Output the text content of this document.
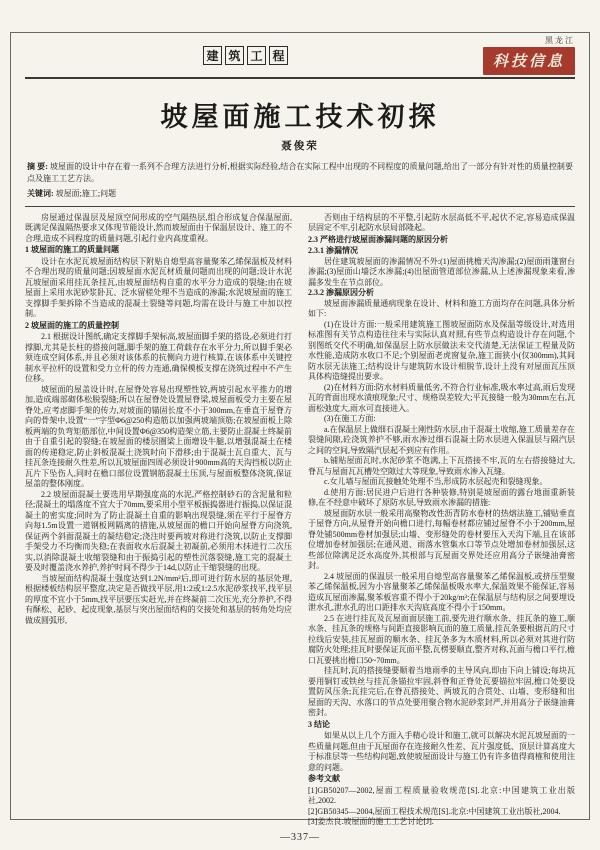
建 筑 工 程
黑龙江
科技信息
坡屋面施工技术初探
聂俊荣
摘 要: 坡屋面的设计中存在着一系列不合理方法进行分析,根据实际经验,结合在实际工程中出现的不同程度的质量问题,给出了一部分有针对性的质量控制要点及施工工艺方法。
关键词: 坡屋面;施工;问题

房屋通过保温层及屋顶空间形成的空气隔热层,组合形成复合保温屋面,既满足保温隔热要求又体现节能设计,然而坡屋面由于保温层设计、施工的不合理,造成不同程度的质量问题,引起行业内高度重视。

1 坡屋面的施工的质量问题

设计在水泥瓦坡屋面结构层下附贴自熄型高容量聚苯乙烯保温板及材料不合理出现的质量问题;因坡屋面水泥瓦材质量问题而出现的问题;设计水泥瓦坡屋面采用挂瓦条挂瓦,由坡屋面结构自重的水平分力造成的裂缝;由在坡屋面上采用水泥砂浆卧瓦、泛水留槎处理不当造成的渗漏;水泥坡屋面的施工支撑脚手架拆除不当造成的混凝土裂缝等问题,均需在设计与施工中加以控制。

2 坡屋面的施工的质量控制

2.1 根据设计图纸,确定支撑脚手架标高,坡屋面脚手架的搭设,必须进行打撑脚,尤其是长柱的搭接问题,脚手架的施工荷载存在水平分力,所以脚手架必须连成空间体系,并且必须对该体系的抗侧向力进行核算,在该体系中关键控制水平拉杆的设置和受力立杆的传力连通,确保模板支撑在浇筑过程中不产生位移。

坡屋面的屋盖设计时,在屋脊处容易出现塑性铰,两坡引起水平推力的增加,造成端部砌体松脱裂缝;所以在屋脊处设置屋脊梁,坡屋面板受力主要在屋脊处,应考虑脚手架的传力,对坡面的锚固长度不小于300mm,在垂直于屋脊方向的骨架中,设置“一”字型Φ6@250构造筋以加强两坡端顶筋;在坡屋面板上除板两端的负弯矩筋部位,中间设置Φ6@350构造架立筋,主要防止混凝土终凝前由于自重引起的裂缝;在坡屋面的楼层圈梁上面增设牛腿,以增强混凝土在楼面的传递稳定,防止斜板混凝土浇筑时向下滑移;由于混凝土瓦自重大、瓦与挂瓦条连接耐久性差,所以瓦坡屋面四周必须设计900mm高的天沟挡板以防止瓦片下坠伤人,同时在檐口部位设置钢筋混凝土压顶,与屋面板整体浇筑,保证屋盖的整体刚度。

2.2 坡屋面混凝土要选用早期强度高的水泥,严格控制砂石的含泥量和粒径;混凝土的塌落度不宜大于70mm,要采用小型平板振捣器进行振捣,以保证混凝土的密实度;同时为了防止混凝土自重的影响出现裂缝,须在平行于屋脊方向每1.5m设置一道钢板网隔离的措施,从坡屋面的檐口开始向屋脊方向浇筑,保证两个斜面混凝土的凝结稳定;浇注时要两坡对称进行浇筑,以防止支撑脚手架受力不均衡而失稳;在表面收水后混凝土初凝前,必须用木抹进行二次压实,以消除混凝土收缩裂缝和由于振捣引起的塑性沉落裂缝,施工完的混凝土要及时覆盖浇水养护,养护时间不得少于14d,以防止干缩裂缝的出现。

当坡屋面结构混凝土强度达到1.2N/mm²后,即可进行防水层的基层处理,根据楼板结构层平整度,决定是否做找平层,用1:2或1:2.5水泥砂浆找平,找平层的厚度不宜小于5mm,找平层要压实赶光,并在终凝前二次压光,充分养护,不得有酥松、起砂、起皮现象,基层与突出屋面结构的交接处和基层的转角处均应做成圆弧形,

否则由于结构层的不平整,引起防水层高低不平,起伏不定,容易造成保温层固定不牢,引起防水层局部隆起。

2.3 严格进行坡屋面渗漏问题的原因分析

2.3.1 渗漏情况

居住建筑坡屋面的渗漏情况不外:(1)屋面挑檐天沟渗漏;(2)屋面雨篷窗台渗漏;(3)屋面山墙泛水渗漏;(4)出屋面管道部位渗漏,从上述渗漏现象来看,渗漏多发生在节点部位。

2.3.2 渗漏原因分析

坡屋面渗漏质量通病现象在设计、材料和施工方面均存在问题,具体分析如下:

(1)在设计方面:一般采用建筑施工图坡屋面防水及保温等级设计,对选用标准图有关节点构造往往未与实际认真对照,有些节点构造设计存在问题,个别图纸交代不明确,如保温层上防水层做法未交代清楚,无法保证工程量及防水性能,造成防水收口不足;个别屋面老虎窗复杂,施工面狭小(仅300mm),其间防水层无法施工;结构设计与建筑防水设计相脱节,设计上没有对屋面瓦压顶具体构造缝提出要求。

(2)在材料方面:防水材料质量低劣,不符合行业标准,吸水率过高,雨后发现瓦的背面出现水渍痕现象;尺寸、规格误差较大;平瓦接缝一般为30mm左右,瓦面松弛度大,雨水可直接进入。

(3)在施工方面:

a.在保温层上做细石混凝土刚性防水层,由于混凝土收缩,施工质量差存在裂缝间隙,砼浇筑养护不够,雨水渗过细石混凝土防水层进入保温层与隔汽层之间的空间,导致隔汽层起不到应有作用。

b.铺贴屋面瓦时,水泥砂浆不饱满,上下瓦搭接不牢,瓦的左右搭接缝过大,脊瓦与屋面瓦瓦槽处空隙过大等现象,导致雨水渗入瓦缝。

c.女儿墙与屋面瓦接触处处理不当,形成防水层起壳和裂缝现象。

d.使用方面:居民进户后进行各种装修,特别是坡屋面的露台地面重新装修,在不经意中破坏了原防水层,导致雨水渗漏的措施:

坡屋面防水层一般采用高聚物改性沥青防水卷材的热熔法施工,铺贴垂直于屋脊方向,从屋脊开始向檐口进行,每幅卷材都应铺过屋脊不小于200mm,屋脊处铺500mm卷材加强层;山墙、变形缝处的卷材要压入天沟下端,且在该部位增加卷材加强层;在通风道、雨落水管集水口等节点处增加卷材加强层,这些部位除满足泛水高度外,其根部与瓦屋面交界处还应用高分子嵌缝油膏密封。

2.4 坡屋面的保温层一般采用自熄型高容量聚苯乙烯保温板,或挤压型聚苯乙烯保温板,因为小容量聚苯乙烯保温板吸水率大,保温效果不能保证,容易造成瓦屋面渗漏,聚苯板容重不得小于20kg/m³;在保温层与结构层之间要埋设泄水孔,泄水孔的出口距排水天沟底高度不得小于150mm。

2.5 在进行挂瓦及瓦屋面面层施工前,要先进行顺水条、挂瓦条的施工,顺水条、挂瓦条的规格与间距直接影响瓦面的施工质量,挂瓦条要根据瓦的尺寸拉线后安装,挂瓦屋面的顺水条、挂瓦条多为木质材料,所以必须对其进行防腐防火处理;挂瓦时要保证瓦面平整,瓦楞要顺直,整齐对称,瓦面与檐口平行,檐口瓦要挑出檐口50~70mm。

挂瓦时,瓦的搭接缝要顺着当地雨季的主导风向,即由下向上铺设;每块瓦要用铜钉或铁丝与挂瓦条锚拉牢固,斜脊和正脊处瓦要锚拉牢固,檐口处要设置防风压条;瓦挂完后,在脊瓦搭接处、两坡瓦的合贯处、山墙、变形缝和出屋面的天沟、水落口的节点处要用聚合物水泥砂浆封严,并用高分子嵌缝油膏密封。

3 结论

如果从以上几个方面入手精心设计和施工,就可以解决水泥瓦坡屋面的一些质量问题,但由于瓦屋面存在连接耐久性差、瓦片强度低、顶层计算高度大于标准层等一些结构问题,致使坡屋面设计与施工仍有许多值得商榷和使用注意的问题。

参考文献

[1]GB50207—2002,屋面工程质量验收规范[S].北京:中国建筑工业出版社,2002.

[2]GB50345—2004,屋面工程技术规范[S].北京:中国建筑工业出版社,2004.

[3]姜杰良.坡屋面的施工工艺讨论[J].

—337—
